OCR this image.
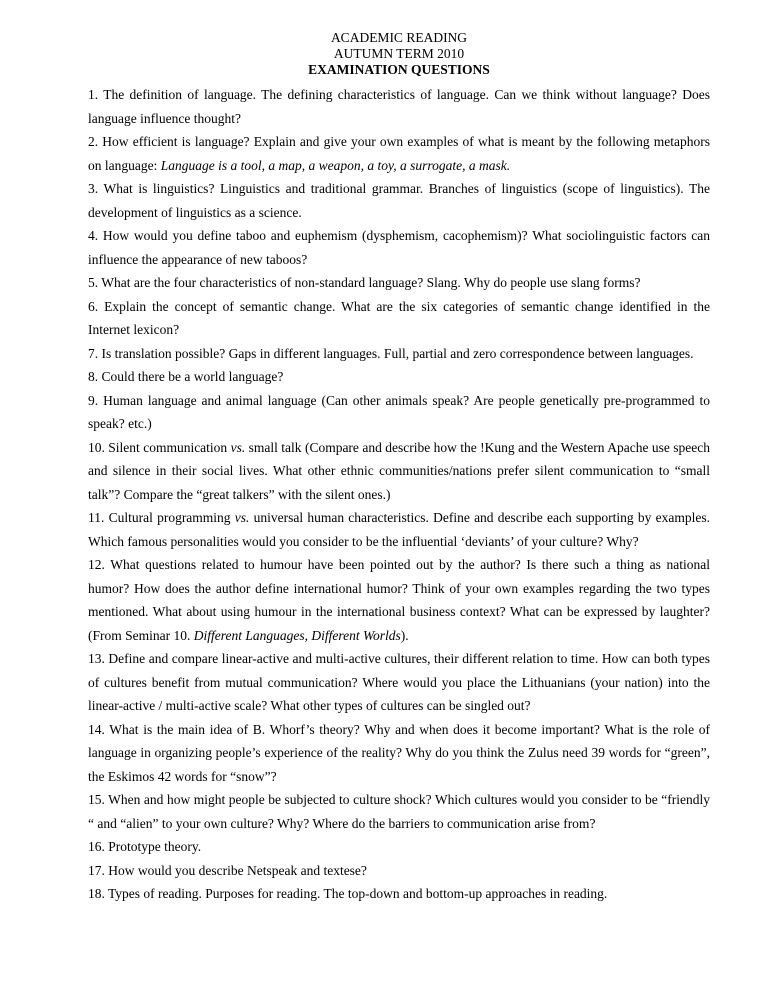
ACADEMIC READING
AUTUMN TERM 2010
EXAMINATION QUESTIONS
1. The definition of language. The defining characteristics of language. Can we think without language? Does language influence thought?
2. How efficient is language? Explain and give your own examples of what is meant by the following metaphors on language: Language is a tool, a map, a weapon, a toy, a surrogate, a mask.
3. What is linguistics? Linguistics and traditional grammar. Branches of linguistics (scope of linguistics). The development of linguistics as a science.
4. How would you define taboo and euphemism (dysphemism, cacophemism)? What sociolinguistic factors can influence the appearance of new taboos?
5. What are the four characteristics of non-standard language? Slang. Why do people use slang forms?
6. Explain the concept of semantic change. What are the six categories of semantic change identified in the Internet lexicon?
7. Is translation possible? Gaps in different languages. Full, partial and zero correspondence between languages.
8. Could there be a world language?
9. Human language and animal language (Can other animals speak? Are people genetically pre-programmed to speak? etc.)
10. Silent communication vs. small talk (Compare and describe how the !Kung and the Western Apache use speech and silence in their social lives. What other ethnic communities/nations prefer silent communication to “small talk”? Compare the “great talkers” with the silent ones.)
11. Cultural programming vs. universal human characteristics. Define and describe each supporting by examples. Which famous personalities would you consider to be the influential ‘deviants’ of your culture? Why?
12. What questions related to humour have been pointed out by the author? Is there such a thing as national humor? How does the author define international humor? Think of your own examples regarding the two types mentioned. What about using humour in the international business context? What can be expressed by laughter? (From Seminar 10. Different Languages, Different Worlds).
13. Define and compare linear-active and multi-active cultures, their different relation to time. How can both types of cultures benefit from mutual communication? Where would you place the Lithuanians (your nation) into the linear-active / multi-active scale? What other types of cultures can be singled out?
14. What is the main idea of B. Whorf’s theory? Why and when does it become important? What is the role of language in organizing people’s experience of the reality? Why do you think the Zulus need 39 words for “green”, the Eskimos 42 words for “snow”?
15. When and how might people be subjected to culture shock? Which cultures would you consider to be “friendly “ and “alien” to your own culture? Why? Where do the barriers to communication arise from?
16. Prototype theory.
17. How would you describe Netspeak and textese?
18. Types of reading. Purposes for reading. The top-down and bottom-up approaches in reading.
